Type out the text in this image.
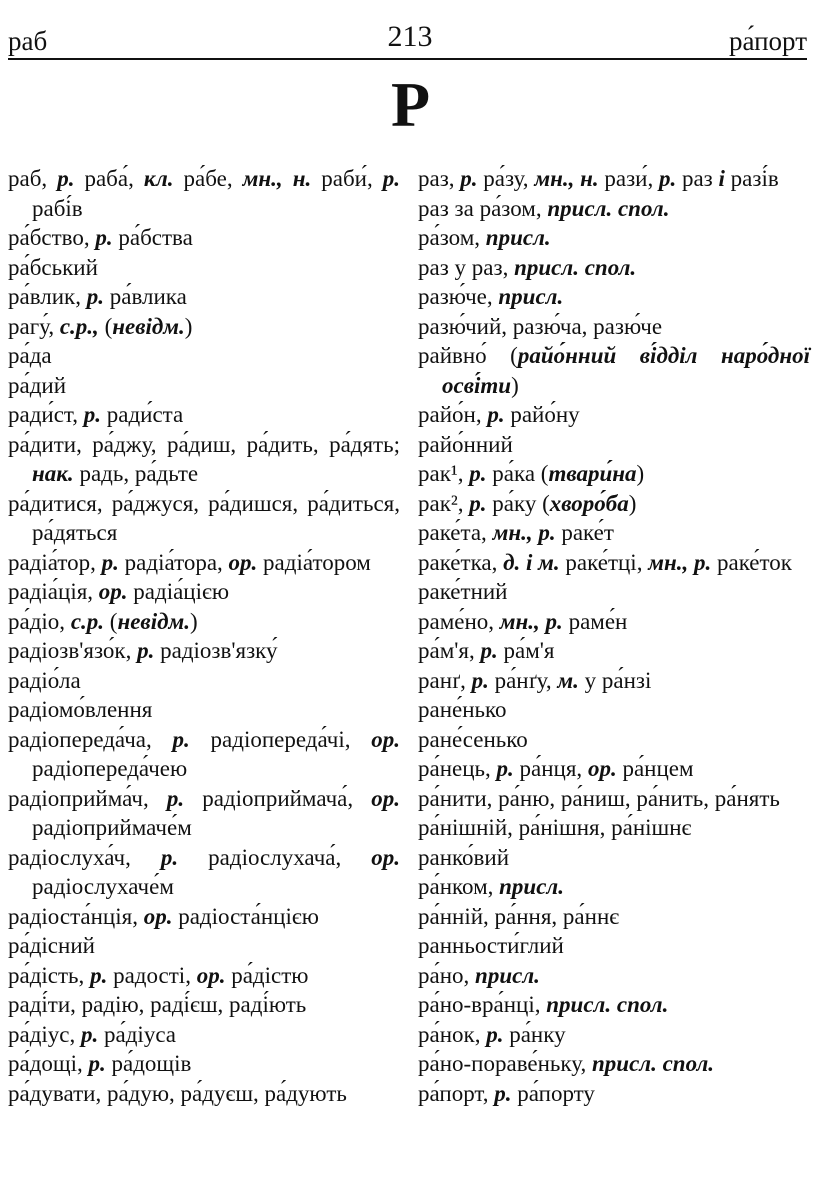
раб	213	ра́порт
Р
раб, р. раба́, кл. ра́бе, мн., н. раби́, р. рабі́в
ра́бство, р. ра́бства
ра́бський
ра́влик, р. ра́влика
рагу́, с.р., (невідм.)
ра́да
ра́дий
ради́ст, р. ради́ста
ра́дити, ра́джу, ра́диш, ра́дить, ра́дять; нак. радь, ра́дьте
ра́дитися, ра́джуся, ра́дишся, ра́диться, ра́дяться
радіа́тор, р. радіа́тора, ор. радіа́тором
радіа́ція, ор. радіа́цією
ра́діо, с.р. (невідм.)
радіозв'язо́к, р. радіозв'язку́
радіо́ла
радіомо́влення
радіопереда́ча, р. радіопереда́чі, ор. радіопереда́чею
радіоприйма́ч, р. радіоприймача́, ор. радіоприймаче́м
радіослуха́ч, р. радіослухача́, ор. радіослухаче́м
радіоста́нція, ор. радіоста́нцією
ра́дісний
ра́дість, р. радості, ор. ра́дістю
раді́ти, радію, раді́єш, раді́ють
ра́діус, р. ра́діуса
ра́дощі, р. ра́дощів
ра́дувати, ра́дую, ра́дуєш, ра́дують
раз, р. ра́зу, мн., н. рази́, р. раз і разі́в
раз за ра́зом, присл. спол.
ра́зом, присл.
раз у раз, присл. спол.
разю́че, присл.
разю́чий, разю́ча, разю́че
райвно́ (райо́нний ві́дділ наро́дної осві́ти)
райо́н, р. райо́ну
райо́нний
рак¹, р. ра́ка (твари́на)
рак², р. ра́ку (хворо́ба)
раке́та, мн., р. раке́т
раке́тка, д. і м. раке́тці, мн., р. раке́ток
раке́тний
раме́но, мн., р. раме́н
ра́м'я, р. ра́м'я
ранґ, р. ра́нґу, м. у ра́нзі
ране́нько
ране́сенько
ра́нець, р. ра́нця, ор. ра́нцем
ра́нити, ра́ню, ра́ниш, ра́нить, ра́нять
ра́нішній, ра́нішня, ра́нішнє
ранко́вий
ра́нком, присл.
ра́нній, ра́ння, ра́ннє
ранньости́глий
ра́но, присл.
ра́но-вра́нці, присл. спол.
ра́нок, р. ра́нку
ра́но-пораве́ньку, присл. спол.
ра́порт, р. ра́порту
